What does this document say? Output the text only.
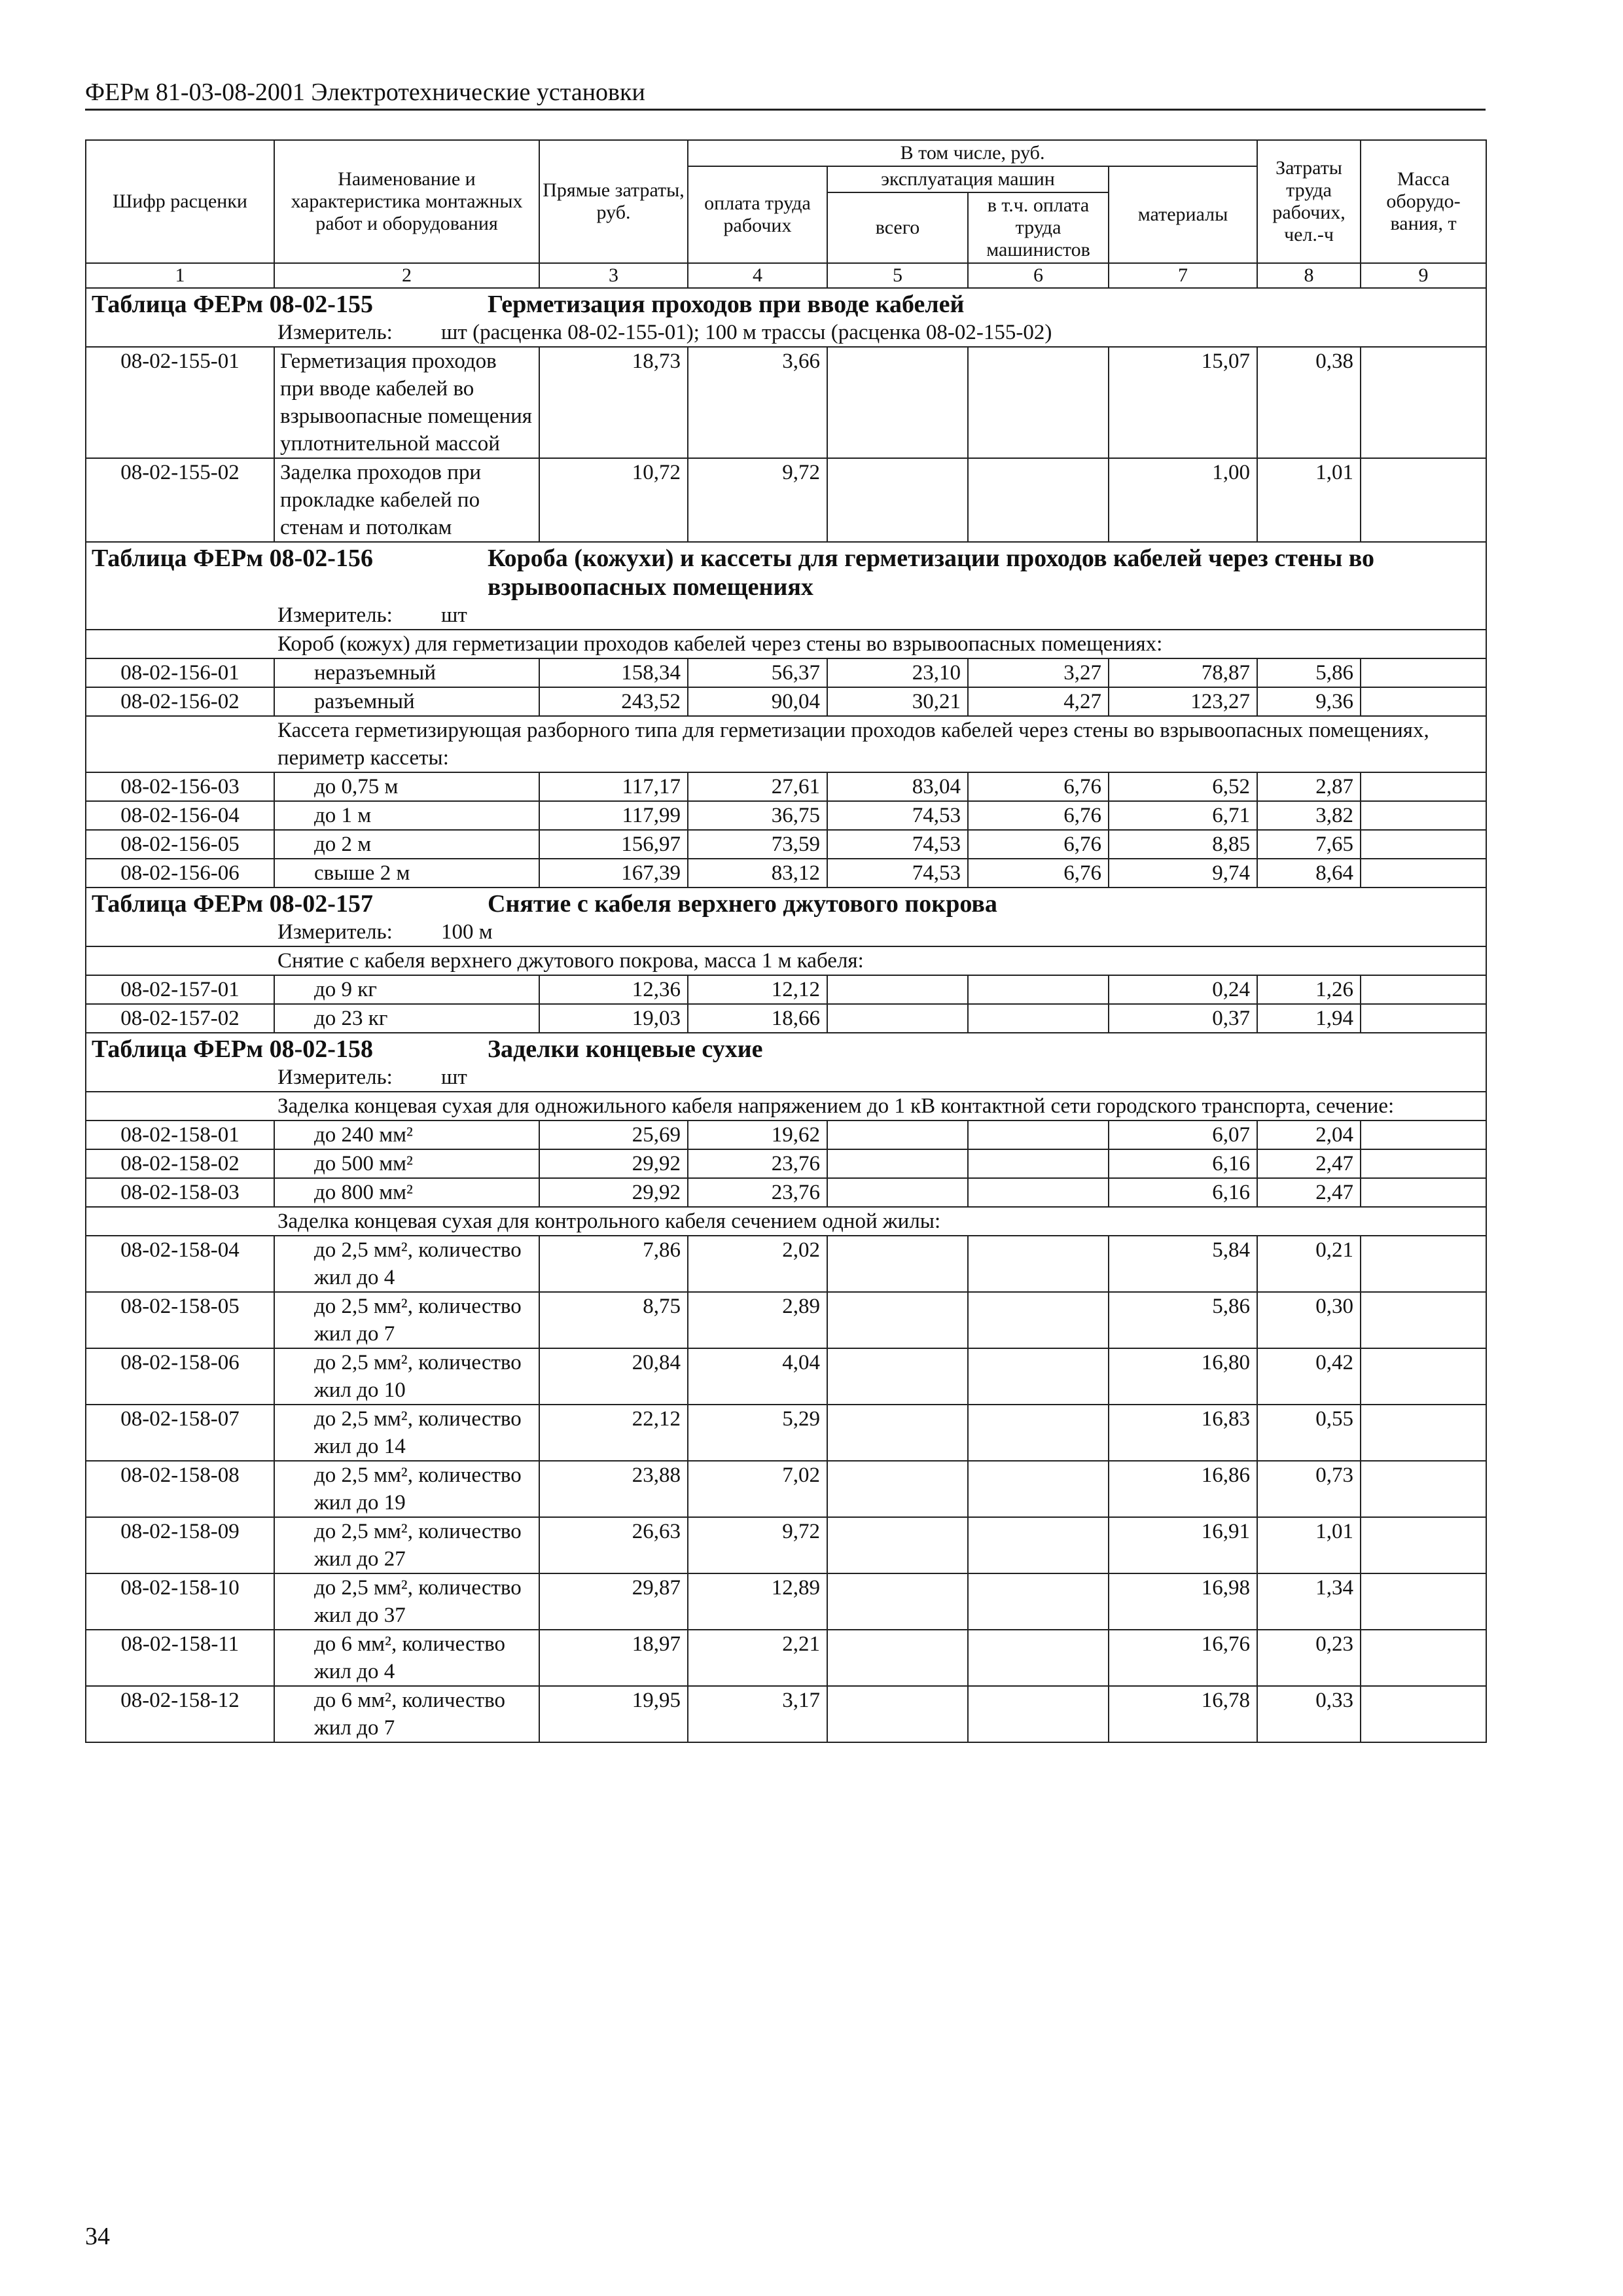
ФЕРм 81-03-08-2001 Электротехнические установки
Шифр расценки	Наименование и характеристика монтажных работ и оборудования	Прямые затраты, руб.	В том числе, руб.				Затраты труда рабочих, чел.-ч	Масса оборудо-вания, т
			оплата труда рабочих	эксплуатация машин		материалы		
				всего	в т.ч. оплата труда машинистов			
1	2	3	4	5	6	7	8	9
Таблица ФЕРм 08-02-155 Герметизация проходов при вводе кабелей								
Измеритель: шт (расценка 08-02-155-01); 100 м трассы (расценка 08-02-155-02)								
08-02-155-01	Герметизация проходов при вводе кабелей во взрывоопасные помещения уплотнительной массой	18,73	3,66			15,07	0,38	
08-02-155-02	Заделка проходов при прокладке кабелей по стенам и потолкам	10,72	9,72			1,00	1,01	
Таблица ФЕРм 08-02-156 Короба (кожухи) и кассеты для герметизации проходов кабелей через стены во взрывоопасных помещениях								
Измеритель: шт								
Короб (кожух) для герметизации проходов кабелей через стены во взрывоопасных помещениях:								
08-02-156-01	неразъемный	158,34	56,37	23,10	3,27	78,87	5,86	
08-02-156-02	разъемный	243,52	90,04	30,21	4,27	123,27	9,36	
Кассета герметизирующая разборного типа для герметизации проходов кабелей через стены во взрывоопасных помещениях, периметр кассеты:								
08-02-156-03	до 0,75 м	117,17	27,61	83,04	6,76	6,52	2,87	
08-02-156-04	до 1 м	117,99	36,75	74,53	6,76	6,71	3,82	
08-02-156-05	до 2 м	156,97	73,59	74,53	6,76	8,85	7,65	
08-02-156-06	свыше 2 м	167,39	83,12	74,53	6,76	9,74	8,64	
Таблица ФЕРм 08-02-157 Снятие с кабеля верхнего джутового покрова								
Измеритель: 100 м								
Снятие с кабеля верхнего джутового покрова, масса 1 м кабеля:								
08-02-157-01	до 9 кг	12,36	12,12			0,24	1,26	
08-02-157-02	до 23 кг	19,03	18,66			0,37	1,94	
Таблица ФЕРм 08-02-158 Заделки концевые сухие								
Измеритель: шт								
Заделка концевая сухая для одножильного кабеля напряжением до 1 кВ контактной сети городского транспорта, сечение:								
08-02-158-01	до 240 мм²	25,69	19,62			6,07	2,04	
08-02-158-02	до 500 мм²	29,92	23,76			6,16	2,47	
08-02-158-03	до 800 мм²	29,92	23,76			6,16	2,47	
Заделка концевая сухая для контрольного кабеля сечением одной жилы:								
08-02-158-04	до 2,5 мм², количество жил до 4	7,86	2,02			5,84	0,21	
08-02-158-05	до 2,5 мм², количество жил до 7	8,75	2,89			5,86	0,30	
08-02-158-06	до 2,5 мм², количество жил до 10	20,84	4,04			16,80	0,42	
08-02-158-07	до 2,5 мм², количество жил до 14	22,12	5,29			16,83	0,55	
08-02-158-08	до 2,5 мм², количество жил до 19	23,88	7,02			16,86	0,73	
08-02-158-09	до 2,5 мм², количество жил до 27	26,63	9,72			16,91	1,01	
08-02-158-10	до 2,5 мм², количество жил до 37	29,87	12,89			16,98	1,34	
08-02-158-11	до 6 мм², количество жил до 4	18,97	2,21			16,76	0,23	
08-02-158-12	до 6 мм², количество жил до 7	19,95	3,17			16,78	0,33	
34
